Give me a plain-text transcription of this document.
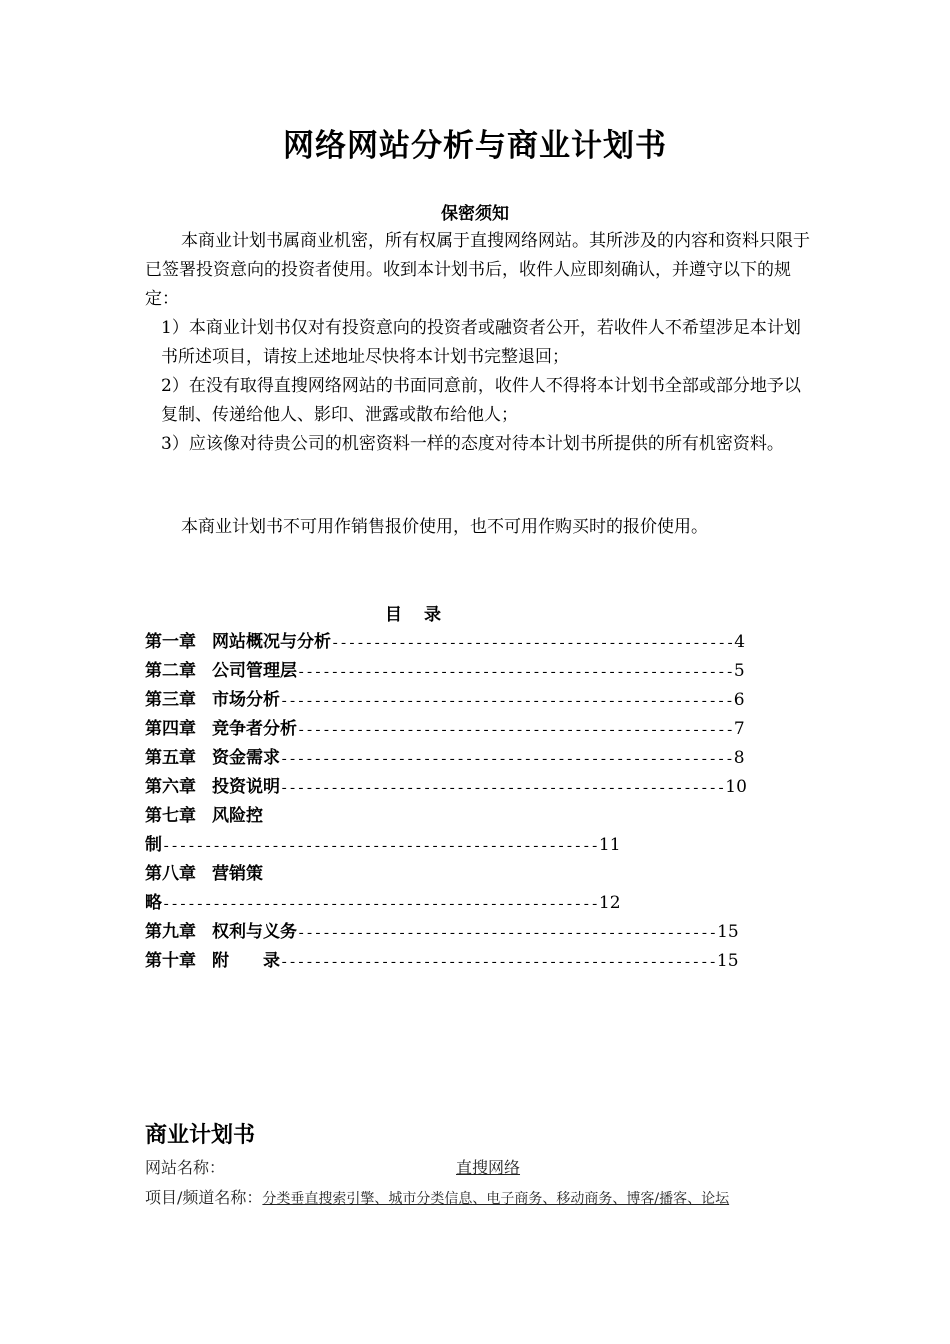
网络网站分析与商业计划书
保密须知

本商业计划书属商业机密，所有权属于直搜网络网站。其所涉及的内容和资料只限于已签署投资意向的投资者使用。收到本计划书后，收件人应即刻确认，并遵守以下的规定：

1）本商业计划书仅对有投资意向的投资者或融资者公开，若收件人不希望涉足本计划书所述项目，请按上述地址尽快将本计划书完整退回；

2）在没有取得直搜网络网站的书面同意前，收件人不得将本计划书全部或部分地予以复制、传递给他人、影印、泄露或散布给他人；

3）应该像对待贵公司的机密资料一样的态度对待本计划书所提供的所有机密资料。

本商业计划书不可用作销售报价使用，也不可用作购买时的报价使用。

目 录
第一章 网站概况与分析------------------------------------------------4
第二章 公司管理层----------------------------------------------------5
第三章 市场分析------------------------------------------------------6
第四章 竞争者分析----------------------------------------------------7
第五章 资金需求------------------------------------------------------8
第六章 投资说明-----------------------------------------------------10
第七章 风险控
制----------------------------------------------------11
第八章 营销策
略----------------------------------------------------12
第九章 权利与义务--------------------------------------------------15
第十章 附　　录----------------------------------------------------15
商业计划书
网站名称：	直搜网络
项目/频道名称：分类垂直搜索引擎、城市分类信息、电子商务、移动商务、博客/播客、论坛
